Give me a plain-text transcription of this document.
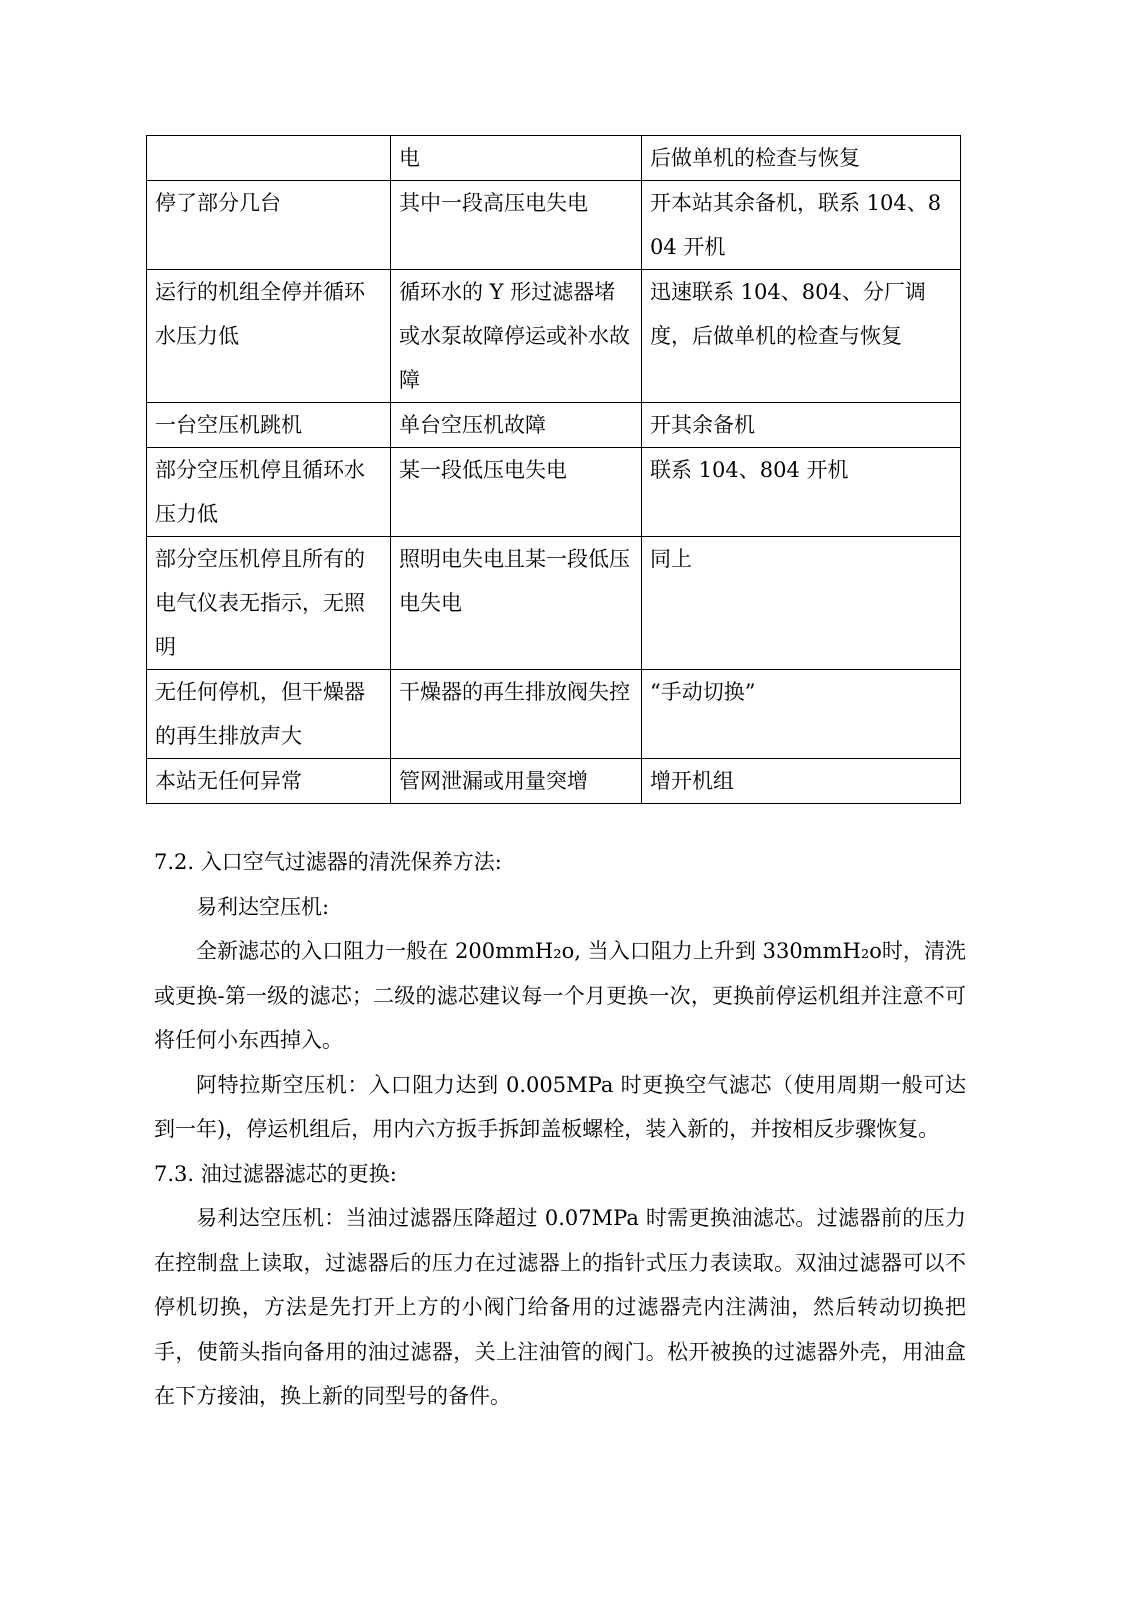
	电	后做单机的检查与恢复
停了部分几台	其中一段高压电失电	开本站其余备机，联系 104、804 开机
运行的机组全停并循环水压力低	循环水的 Y 形过滤器堵或水泵故障停运或补水故障	迅速联系 104、804、分厂调度，后做单机的检查与恢复
一台空压机跳机	单台空压机故障	开其余备机
部分空压机停且循环水压力低	某一段低压电失电	联系 104、804 开机
部分空压机停且所有的电气仪表无指示，无照明	照明电失电且某一段低压电失电	同上
无任何停机，但干燥器的再生排放声大	干燥器的再生排放阀失控	“手动切换”
本站无任何异常	管网泄漏或用量突增	增开机组

7.2. 入口空气过滤器的清洗保养方法:

易利达空压机:

全新滤芯的入口阻力一般在 200mmH₂o, 当入口阻力上升到 330mmH₂o时，清洗或更换-第一级的滤芯；二级的滤芯建议每一个月更换一次，更换前停运机组并注意不可将任何小东西掉入。

阿特拉斯空压机：入口阻力达到 0.005MPa 时更换空气滤芯（使用周期一般可达到一年)，停运机组后，用内六方扳手拆卸盖板螺栓，装入新的，并按相反步骤恢复。

7.3. 油过滤器滤芯的更换:

易利达空压机：当油过滤器压降超过 0.07MPa 时需更换油滤芯。过滤器前的压力在控制盘上读取，过滤器后的压力在过滤器上的指针式压力表读取。双油过滤器可以不停机切换，方法是先打开上方的小阀门给备用的过滤器壳内注满油，然后转动切换把手，使箭头指向备用的油过滤器，关上注油管的阀门。松开被换的过滤器外壳，用油盒在下方接油，换上新的同型号的备件。
